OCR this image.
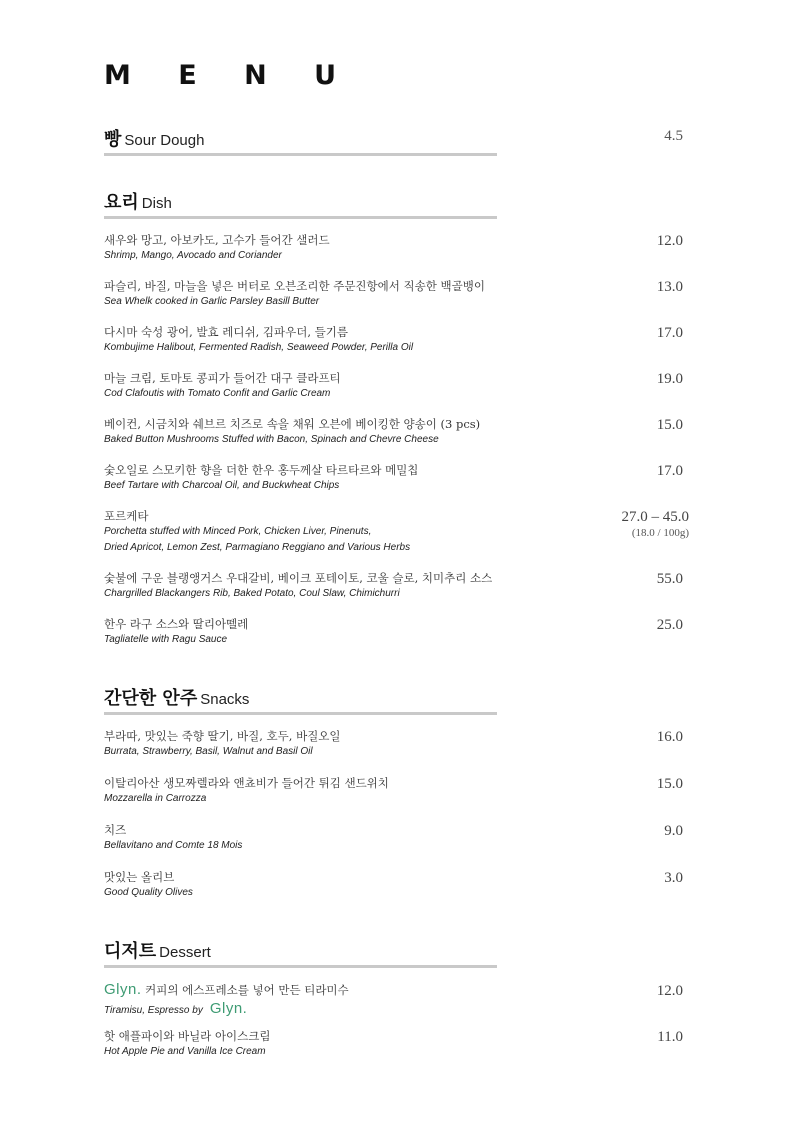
M E N U
빵 Sour Dough	4.5
요리 Dish
새우와 망고, 아보카도, 고수가 들어간 샐러드
Shrimp, Mango, Avocado and Coriander
12.0
파슬리, 바질, 마늘을 넣은 버터로 오븐조리한 주문진항에서 직송한 백골뱅이
Sea Whelk cooked in Garlic Parsley Basill Butter
13.0
다시마 숙성 광어, 발효 레디쉬, 김파우더, 들기름
Kombujime Halibout, Fermented Radish, Seaweed Powder, Perilla Oil
17.0
마늘 크림, 토마토 콩피가 들어간 대구 클라프티
Cod Clafoutis with Tomato Confit and Garlic Cream
19.0
베이컨, 시금치와 쉐브르 치즈로 속을 채워 오븐에 베이킹한 양송이 (3 pcs)
Baked Button Mushrooms Stuffed with Bacon, Spinach and Chevre Cheese
15.0
숯오일로 스모키한 향을 더한 한우 홍두께살 타르타르와 메밀칩
Beef Tartare with Charcoal Oil, and Buckwheat Chips
17.0
포르케타
Porchetta stuffed with Minced Pork, Chicken Liver, Pinenuts,
Dried Apricot, Lemon Zest, Parmagiano Reggiano and Various Herbs
27.0 – 45.0
(18.0 / 100g)
숯불에 구운 블랭앵거스 우대갈비, 베이크 포테이토, 코울 슬로, 치미추리 소스
Chargrilled Blackangers Rib, Baked Potato, Coul Slaw, Chimichurri
55.0
한우 라구 소스와 딸리아뗄레
Tagliatelle with Ragu Sauce
25.0
간단한 안주 Snacks
부라따, 맛있는 죽향 딸기, 바질, 호두, 바질오일
Burrata, Strawberry, Basil, Walnut and Basil Oil
16.0
이탈리아산 생모짜렐라와 앤쵸비가 들어간 튀김 샌드위치
Mozzarella in Carrozza
15.0
치즈
Bellavitano and Comte 18 Mois
9.0
맛있는 올리브
Good Quality Olives
3.0
디저트 Dessert
Glyn. 커피의 에스프레소를 넣어 만든 티라미수
Tiramisu, Espresso by Glyn.
12.0
핫 애플파이와 바닐라 아이스크림
Hot Apple Pie and Vanilla Ice Cream
11.0
